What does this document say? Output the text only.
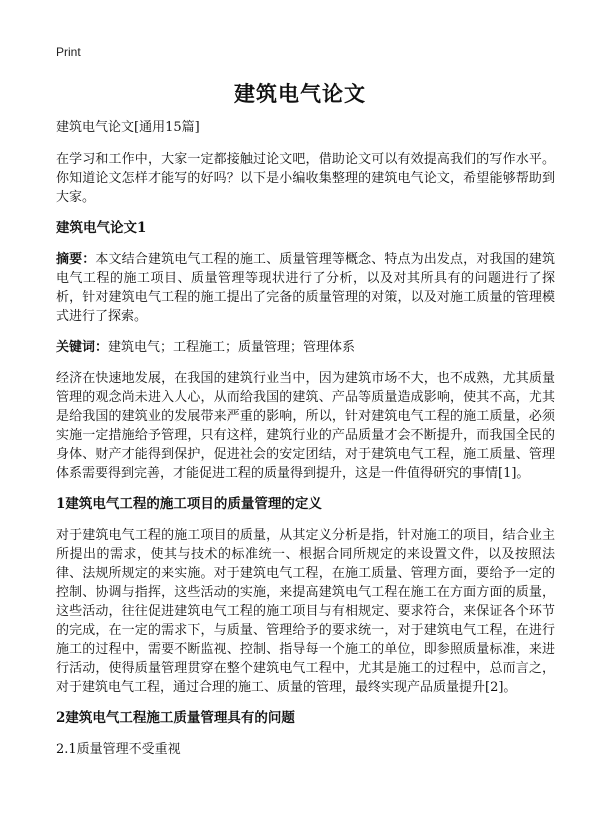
Print
建筑电气论文

建筑电气论文[通用15篇]

在学习和工作中，大家一定都接触过论文吧，借助论文可以有效提高我们的写作水平。你知道论文怎样才能写的好吗？以下是小编收集整理的建筑电气论文，希望能够帮助到大家。

建筑电气论文1

摘要：本文结合建筑电气工程的施工、质量管理等概念、特点为出发点，对我国的建筑电气工程的施工项目、质量管理等现状进行了分析，以及对其所具有的问题进行了探析，针对建筑电气工程的施工提出了完备的质量管理的对策，以及对施工质量的管理模式进行了探索。

关键词：建筑电气；工程施工；质量管理；管理体系

经济在快速地发展，在我国的建筑行业当中，因为建筑市场不大，也不成熟，尤其质量管理的观念尚未进入人心，从而给我国的建筑、产品等质量造成影响，使其不高，尤其是给我国的建筑业的发展带来严重的影响，所以，针对建筑电气工程的施工质量，必须实施一定措施给予管理，只有这样，建筑行业的产品质量才会不断提升，而我国全民的身体、财产才能得到保护，促进社会的安定团结，对于建筑电气工程，施工质量、管理体系需要得到完善，才能促进工程的质量得到提升，这是一件值得研究的事情[1]。

1建筑电气工程的施工项目的质量管理的定义

对于建筑电气工程的施工项目的质量，从其定义分析是指，针对施工的项目，结合业主所提出的需求，使其与技术的标准统一、根据合同所规定的来设置文件，以及按照法律、法规所规定的来实施。对于建筑电气工程，在施工质量、管理方面，要给予一定的控制、协调与指挥，这些活动的实施，来提高建筑电气工程在施工在方面方面的质量，这些活动，往往促进建筑电气工程的施工项目与有相规定、要求符合，来保证各个环节的完成，在一定的需求下，与质量、管理给予的要求统一，对于建筑电气工程，在进行施工的过程中，需要不断监视、控制、指导每一个施工的单位，即参照质量标准，来进行活动，使得质量管理贯穿在整个建筑电气工程中，尤其是施工的过程中，总而言之，对于建筑电气工程，通过合理的施工、质量的管理，最终实现产品质量提升[2]。

2建筑电气工程施工质量管理具有的问题

2.1质量管理不受重视
